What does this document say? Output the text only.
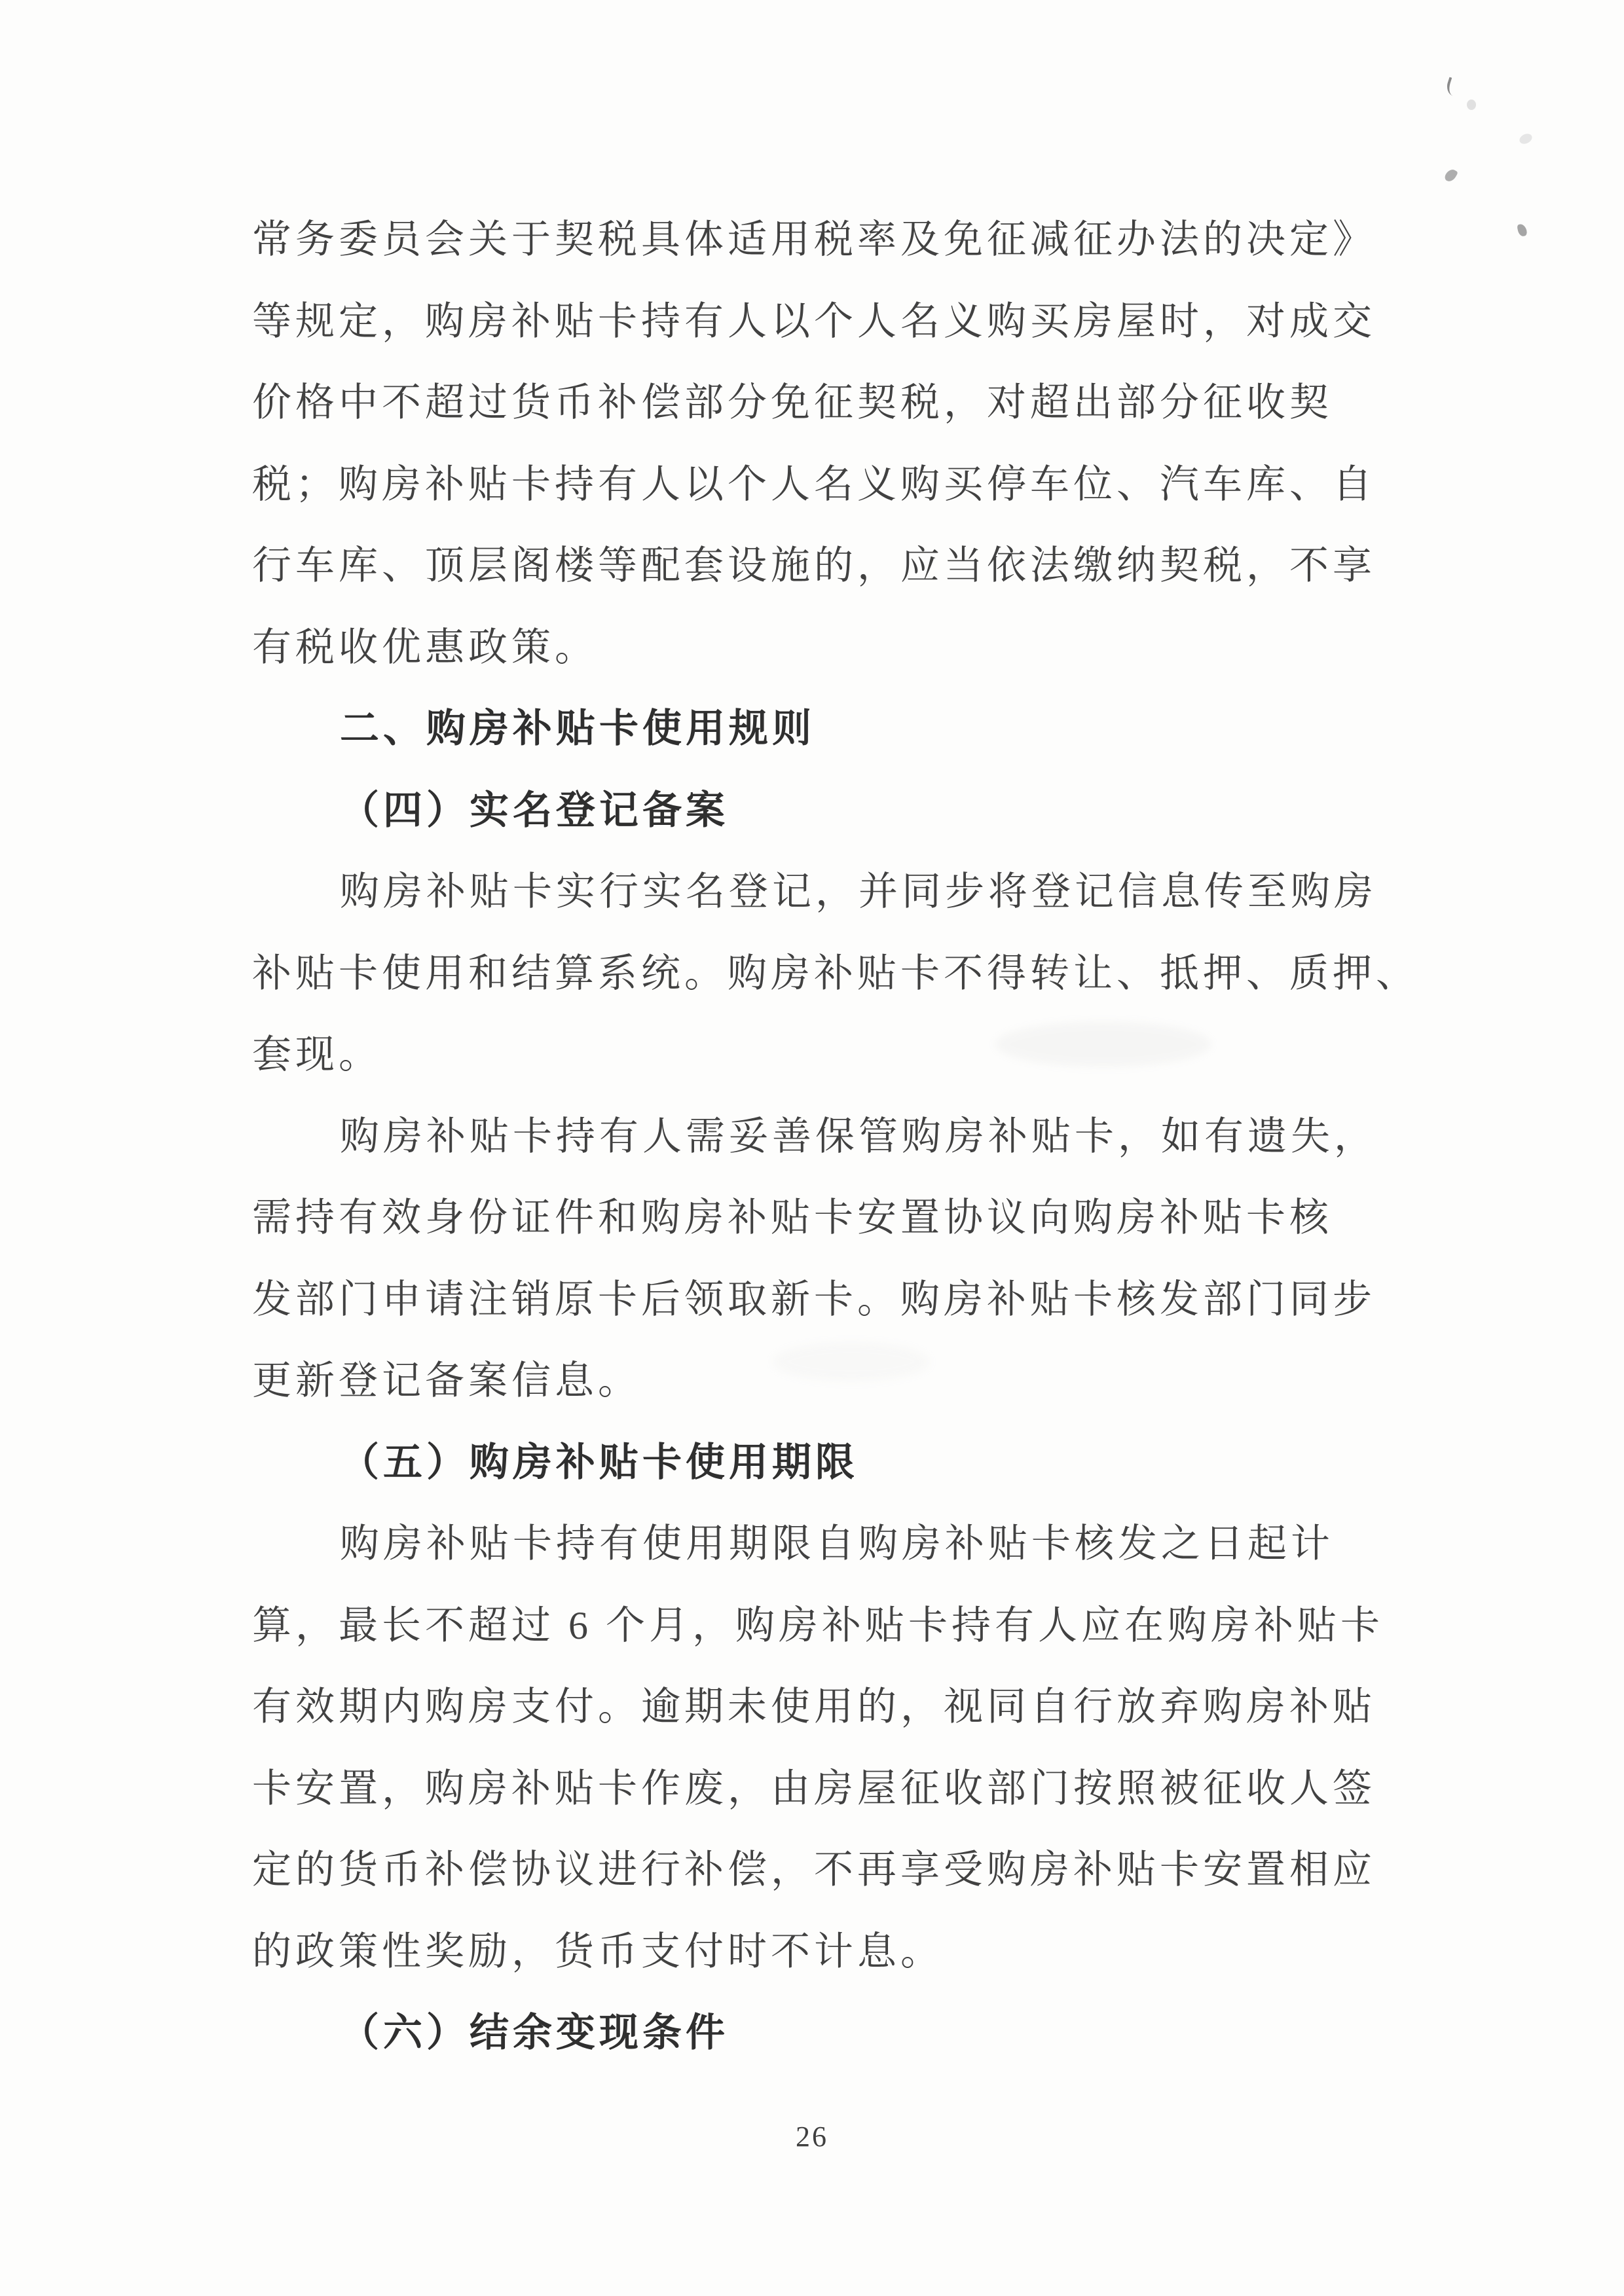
常务委员会关于契税具体适用税率及免征减征办法的决定》
等规定，购房补贴卡持有人以个人名义购买房屋时，对成交
价格中不超过货币补偿部分免征契税，对超出部分征收契
税；购房补贴卡持有人以个人名义购买停车位、汽车库、自
行车库、顶层阁楼等配套设施的，应当依法缴纳契税，不享
有税收优惠政策。
二、购房补贴卡使用规则
（四）实名登记备案
购房补贴卡实行实名登记，并同步将登记信息传至购房
补贴卡使用和结算系统。购房补贴卡不得转让、抵押、质押、
套现。
购房补贴卡持有人需妥善保管购房补贴卡，如有遗失，
需持有效身份证件和购房补贴卡安置协议向购房补贴卡核
发部门申请注销原卡后领取新卡。购房补贴卡核发部门同步
更新登记备案信息。
（五）购房补贴卡使用期限
购房补贴卡持有使用期限自购房补贴卡核发之日起计
算，最长不超过 6 个月，购房补贴卡持有人应在购房补贴卡
有效期内购房支付。逾期未使用的，视同自行放弃购房补贴
卡安置，购房补贴卡作废，由房屋征收部门按照被征收人签
定的货币补偿协议进行补偿，不再享受购房补贴卡安置相应
的政策性奖励，货币支付时不计息。
（六）结余变现条件
26
